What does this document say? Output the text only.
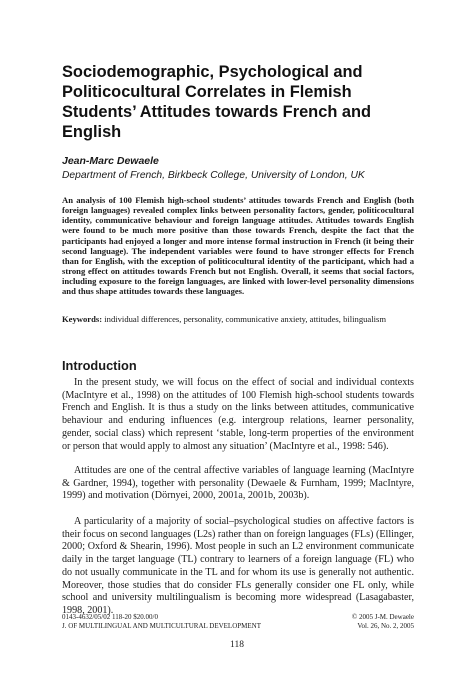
Sociodemographic, Psychological and Politicocultural Correlates in Flemish Students’ Attitudes towards French and English

Jean-Marc Dewaele

Department of French, Birkbeck College, University of London, UK

An analysis of 100 Flemish high-school students’ attitudes towards French and English (both foreign languages) revealed complex links between personality factors, gender, politicocultural identity, communicative behaviour and foreign language attitudes. Attitudes towards English were found to be much more positive than those towards French, despite the fact that the participants had enjoyed a longer and more intense formal instruction in French (it being their second language). The independent variables were found to have stronger effects for French than for English, with the exception of politicocultural identity of the participant, which had a strong effect on attitudes towards French but not English. Overall, it seems that social factors, including exposure to the foreign languages, are linked with lower-level personality dimensions and thus shape attitudes towards these languages.

Keywords: individual differences, personality, communicative anxiety, attitudes, bilingualism

Introduction

In the present study, we will focus on the effect of social and individual contexts (MacIntyre et al., 1998) on the attitudes of 100 Flemish high-school students towards French and English. It is thus a study on the links between attitudes, communicative behaviour and enduring influences (e.g. intergroup relations, learner personality, gender, social class) which represent ‘stable, long-term properties of the environment or person that would apply to almost any situation’ (MacIntyre et al., 1998: 546).

Attitudes are one of the central affective variables of language learning (MacIntyre & Gardner, 1994), together with personality (Dewaele & Furnham, 1999; MacIntyre, 1999) and motivation (Dörnyei, 2000, 2001a, 2001b, 2003b).

A particularity of a majority of social–psychological studies on affective factors is their focus on second languages (L2s) rather than on foreign languages (FLs) (Ellinger, 2000; Oxford & Shearin, 1996). Most people in such an L2 environment communicate daily in the target language (TL) contrary to learners of a foreign language (FL) who do not usually communicate in the TL and for whom its use is generally not authentic. Moreover, those studies that do consider FLs generally consider one FL only, while school and university multilingualism is becoming more widespread (Lasagabaster, 1998, 2001).

0143-4632/05/02 118-20 $20.00/0

J. OF MULTILINGUAL AND MULTICULTURAL DEVELOPMENT

© 2005 J-M. Dewaele

Vol. 26, No. 2, 2005

118
